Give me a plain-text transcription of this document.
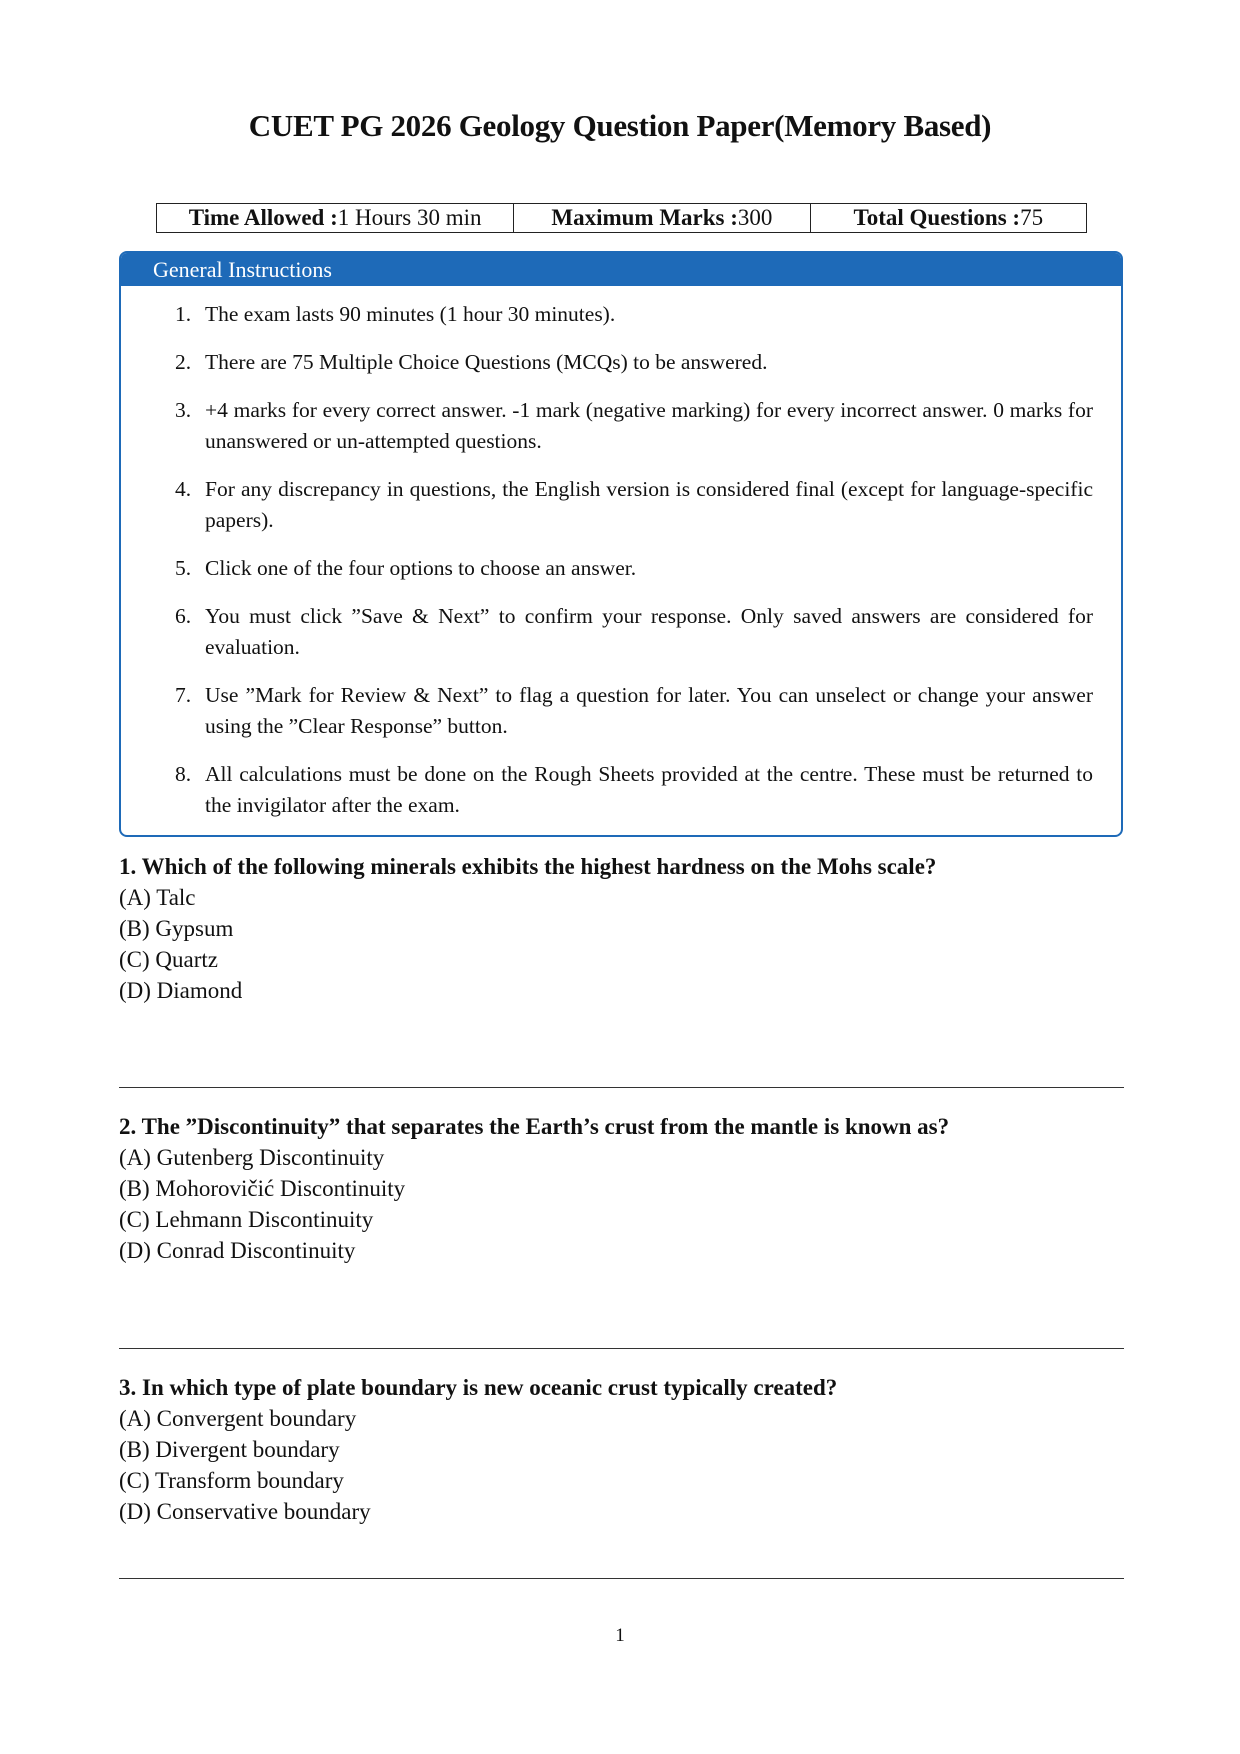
CUET PG 2026 Geology Question Paper(Memory Based)
Time Allowed : 1 Hours 30 min	Maximum Marks : 300	Total Questions : 75
General Instructions
1. The exam lasts 90 minutes (1 hour 30 minutes).
2. There are 75 Multiple Choice Questions (MCQs) to be answered.
3. +4 marks for every correct answer. -1 mark (negative marking) for every incorrect answer. 0 marks for unanswered or un-attempted questions.
4. For any discrepancy in questions, the English version is considered final (except for language-specific papers).
5. Click one of the four options to choose an answer.
6. You must click ”Save & Next” to confirm your response. Only saved answers are considered for evaluation.
7. Use ”Mark for Review & Next” to flag a question for later. You can unselect or change your answer using the ”Clear Response” button.
8. All calculations must be done on the Rough Sheets provided at the centre. These must be returned to the invigilator after the exam.
1. Which of the following minerals exhibits the highest hardness on the Mohs scale?
(A) Talc
(B) Gypsum
(C) Quartz
(D) Diamond
2. The ”Discontinuity” that separates the Earth’s crust from the mantle is known as?
(A) Gutenberg Discontinuity
(B) Mohorovičić Discontinuity
(C) Lehmann Discontinuity
(D) Conrad Discontinuity
3. In which type of plate boundary is new oceanic crust typically created?
(A) Convergent boundary
(B) Divergent boundary
(C) Transform boundary
(D) Conservative boundary
1
